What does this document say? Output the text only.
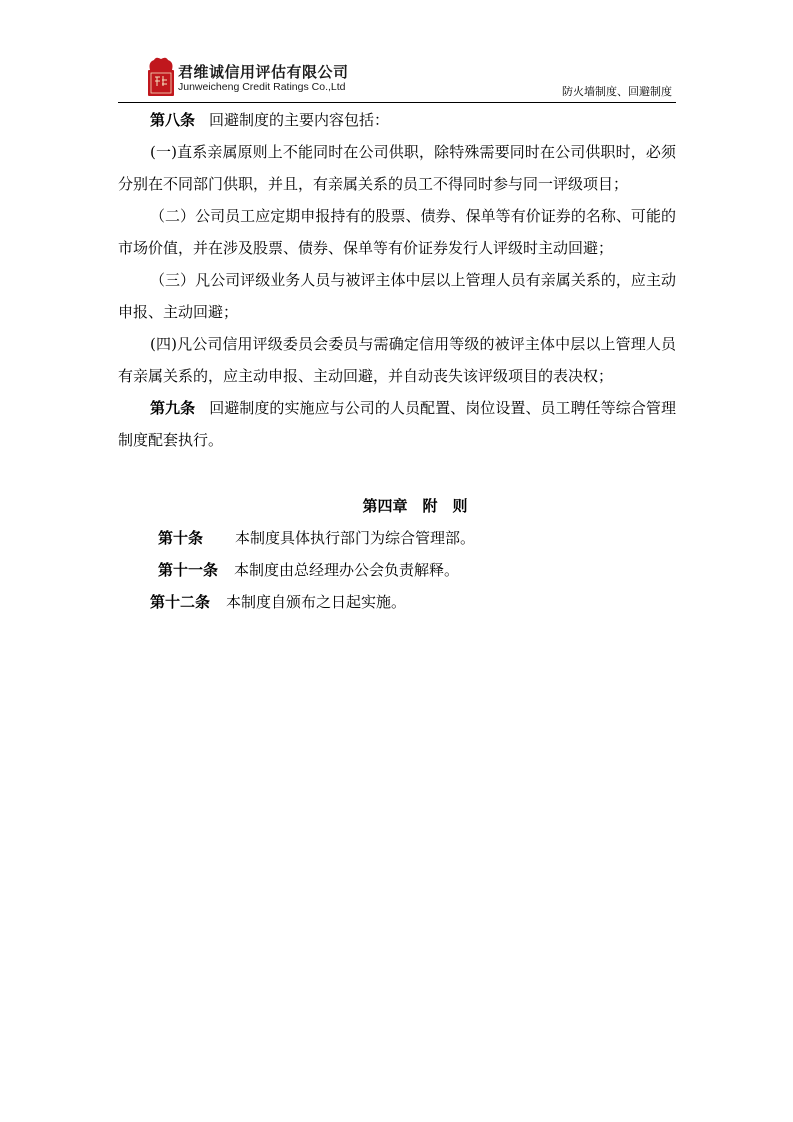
君维诚信用评估有限公司
Junweicheng Credit Ratings Co.,Ltd	防火墙制度、回避制度

第八条 回避制度的主要内容包括：

(一)直系亲属原则上不能同时在公司供职，除特殊需要同时在公司供职时，必须分别在不同部门供职，并且，有亲属关系的员工不得同时参与同一评级项目；

（二）公司员工应定期申报持有的股票、债券、保单等有价证券的名称、可能的市场价值，并在涉及股票、债券、保单等有价证券发行人评级时主动回避；

（三）凡公司评级业务人员与被评主体中层以上管理人员有亲属关系的，应主动申报、主动回避；

(四)凡公司信用评级委员会委员与需确定信用等级的被评主体中层以上管理人员有亲属关系的，应主动申报、主动回避，并自动丧失该评级项目的表决权；

第九条 回避制度的实施应与公司的人员配置、岗位设置、员工聘任等综合管理制度配套执行。

第四章　附　则

第十条 本制度具体执行部门为综合管理部。

第十一条 本制度由总经理办公会负责解释。

第十二条 本制度自颁布之日起实施。
